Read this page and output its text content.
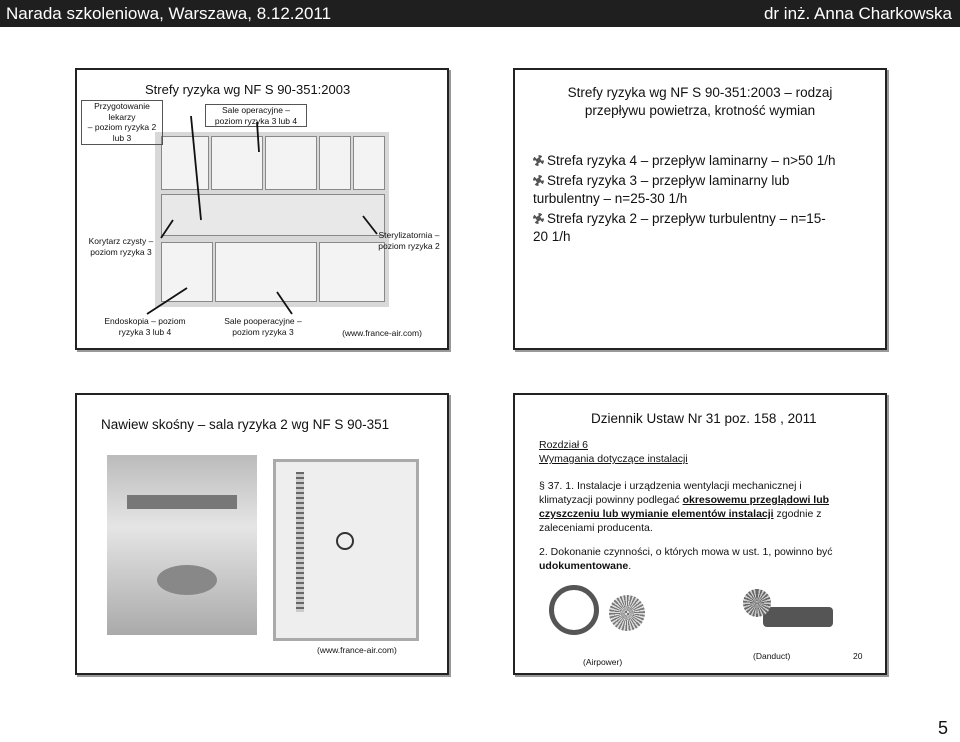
Narada szkoleniowa, Warszawa, 8.12.2011	dr inż. Anna Charkowska
Strefy ryzyka wg NF S 90-351:2003
Przygotowanie lekarzy
– poziom ryzyka 2 lub 3
Sale operacyjne –
poziom ryzyka 3 lub 4
Korytarz czysty –
poziom ryzyka 3
Sterylizatornia –
poziom ryzyka 2
Endoskopia – poziom
ryzyka 3 lub 4
Sale pooperacyjne –
poziom ryzyka 3	(www.france-air.com)
Strefy ryzyka wg NF S 90-351:2003 – rodzaj
przepływu powietrza, krotność wymian
Strefa ryzyka 4 – przepływ laminarny – n>50 1/h
Strefa ryzyka 3 – przepływ laminarny lub
turbulentny – n=25-30 1/h
Strefa ryzyka 2 – przepływ turbulentny – n=15-
20 1/h
Nawiew skośny – sala ryzyka 2 wg NF S 90-351
(www.france-air.com)
Dziennik Ustaw Nr 31 poz. 158 , 2011
Rozdział 6
Wymagania dotyczące instalacji
§ 37. 1. Instalacje i urządzenia wentylacji mechanicznej i
klimatyzacji powinny podlegać okresowemu przeglądowi lub
czyszczeniu lub wymianie elementów instalacji zgodnie z
zaleceniami producenta.
2. Dokonanie czynności, o których mowa w ust. 1, powinno być
udokumentowane.
(Airpower)
(Danduct)	20
5
